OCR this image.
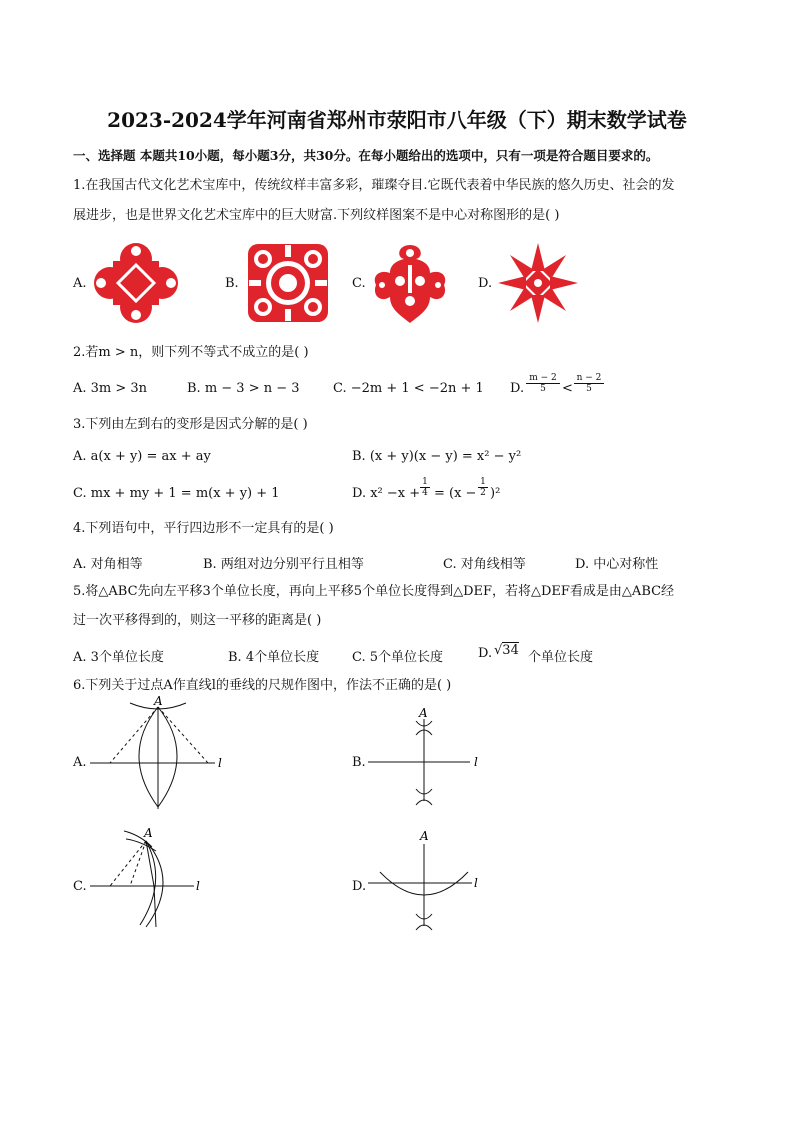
2023-2024学年河南省郑州市荥阳市八年级（下）期末数学试卷
一、选择题 本题共10小题，每小题3分，共30分。在每小题给出的选项中，只有一项是符合题目要求的。
1.在我国古代文化艺术宝库中，传统纹样丰富多彩，璀璨夺目.它既代表着中华民族的悠久历史、社会的发
展进步，也是世界文化艺术宝库中的巨大财富.下列纹样图案不是中心对称图形的是( )
A.	B.	C.	D.
2.若m > n，则下列不等式不成立的是( )
A. 3m > 3n	B. m − 3 > n − 3	C. −2m + 1 < −2n + 1 D.
m − 2
5	<
n − 2
5
3.下列由左到右的变形是因式分解的是( )
A. a(x + y) = ax + ay	B. (x + y)(x − y) = x² − y²
C. mx + my + 1 = m(x + y) + 1	D. x² −x +
1
4 = (x −
1
2 )²
4.下列语句中，平行四边形不一定具有的是( )
A. 对角相等	B. 两组对边分别平行且相等	C. 对角线相等	D. 中心对称性
5.将△ABC先向左平移3个单位长度，再向上平移5个单位长度得到△DEF，若将△DEF看成是由△ABC经
过一次平移得到的，则这一平移的距离是( )
A. 3个单位长度	B. 4个单位长度	C. 5个单位长度	D. √34 个单位长度
6.下列关于过点A作直线l的垂线的尺规作图中，作法不正确的是( )
A.	B.
C.	D.
A
l
A
l
A
l
A
l
